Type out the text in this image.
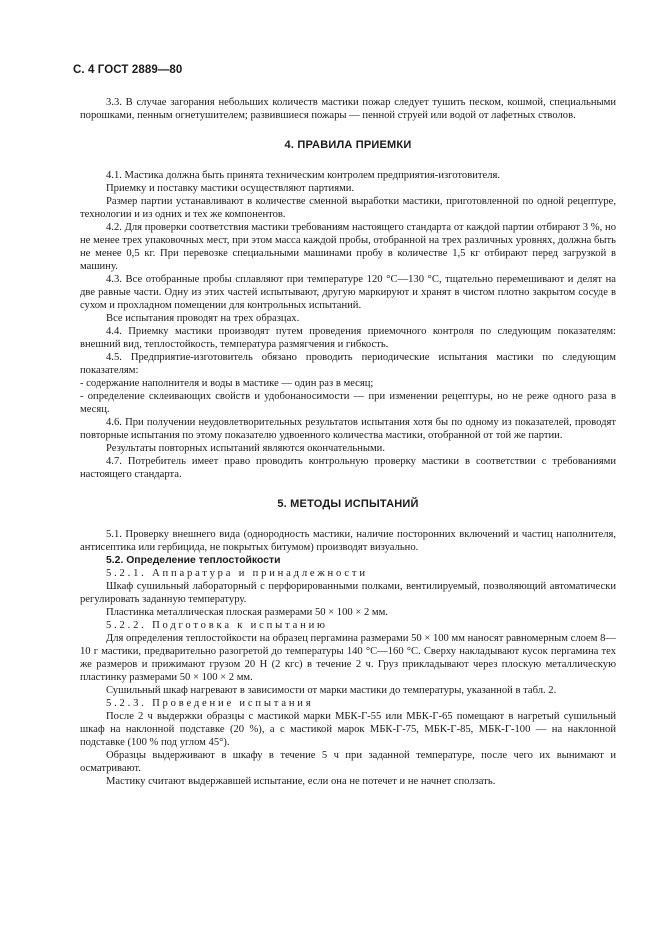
С. 4 ГОСТ 2889—80

3.3. В случае загорания небольших количеств мастики пожар следует тушить песком, кошмой, специальными порошками, пенным огнетушителем; развившиеся пожары — пенной струей или водой от лафетных стволов.

4. ПРАВИЛА ПРИЕМКИ

4.1. Мастика должна быть принята техническим контролем предприятия-изготовителя.

Приемку и поставку мастики осуществляют партиями.

Размер партии устанавливают в количестве сменной выработки мастики, приготовленной по одной рецептуре, технологии и из одних и тех же компонентов.

4.2. Для проверки соответствия мастики требованиям настоящего стандарта от каждой партии отбирают 3 %, но не менее трех упаковочных мест, при этом масса каждой пробы, отобранной на трех различных уровнях, должна быть не менее 0,5 кг. При перевозке специальными машинами пробу в количестве 1,5 кг отбирают перед загрузкой в машину.

4.3. Все отобранные пробы сплавляют при температуре 120 °С—130 °С, тщательно перемешивают и делят на две равные части. Одну из этих частей испытывают, другую маркируют и хранят в чистом плотно закрытом сосуде в сухом и прохладном помещении для контрольных испытаний.

Все испытания проводят на трех образцах.

4.4. Приемку мастики производят путем проведения приемочного контроля по следующим показателям: внешний вид, теплостойкость, температура размягчения и гибкость.

4.5. Предприятие-изготовитель обязано проводить периодические испытания мастики по следующим показателям:

- содержание наполнителя и воды в мастике — один раз в месяц;

- определение склеивающих свойств и удобонаносимости — при изменении рецептуры, но не реже одного раза в месяц.

4.6. При получении неудовлетворительных результатов испытания хотя бы по одному из показателей, проводят повторные испытания по этому показателю удвоенного количества мастики, отобранной от той же партии.

Результаты повторных испытаний являются окончательными.

4.7. Потребитель имеет право проводить контрольную проверку мастики в соответствии с требованиями настоящего стандарта.

5. МЕТОДЫ ИСПЫТАНИЙ

5.1. Проверку внешнего вида (однородность мастики, наличие посторонних включений и частиц наполнителя, антисептика или гербицида, не покрытых битумом) производят визуально.

5.2. Определение теплостойкости

5.2.1. Аппаратура и принадлежности

Шкаф сушильный лабораторный с перфорированными полками, вентилируемый, позволяющий автоматически регулировать заданную температуру.

Пластинка металлическая плоская размерами 50 × 100 × 2 мм.

5.2.2. Подготовка к испытанию

Для определения теплостойкости на образец пергамина размерами 50 × 100 мм наносят равномерным слоем 8—10 г мастики, предварительно разогретой до температуры 140 °С—160 °С. Сверху накладывают кусок пергамина тех же размеров и прижимают грузом 20 Н (2 кгс) в течение 2 ч. Груз прикладывают через плоскую металлическую пластинку размерами 50 × 100 × 2 мм.

Сушильный шкаф нагревают в зависимости от марки мастики до температуры, указанной в табл. 2.

5.2.3. Проведение испытания

После 2 ч выдержки образцы с мастикой марки МБК-Г-55 или МБК-Г-65 помещают в нагретый сушильный шкаф на наклонной подставке (20 %), а с мастикой марок МБК-Г-75, МБК-Г-85, МБК-Г-100 — на наклонной подставке (100 % под углом 45°).

Образцы выдерживают в шкафу в течение 5 ч при заданной температуре, после чего их вынимают и осматривают.

Мастику считают выдержавшей испытание, если она не потечет и не начнет сползать.
